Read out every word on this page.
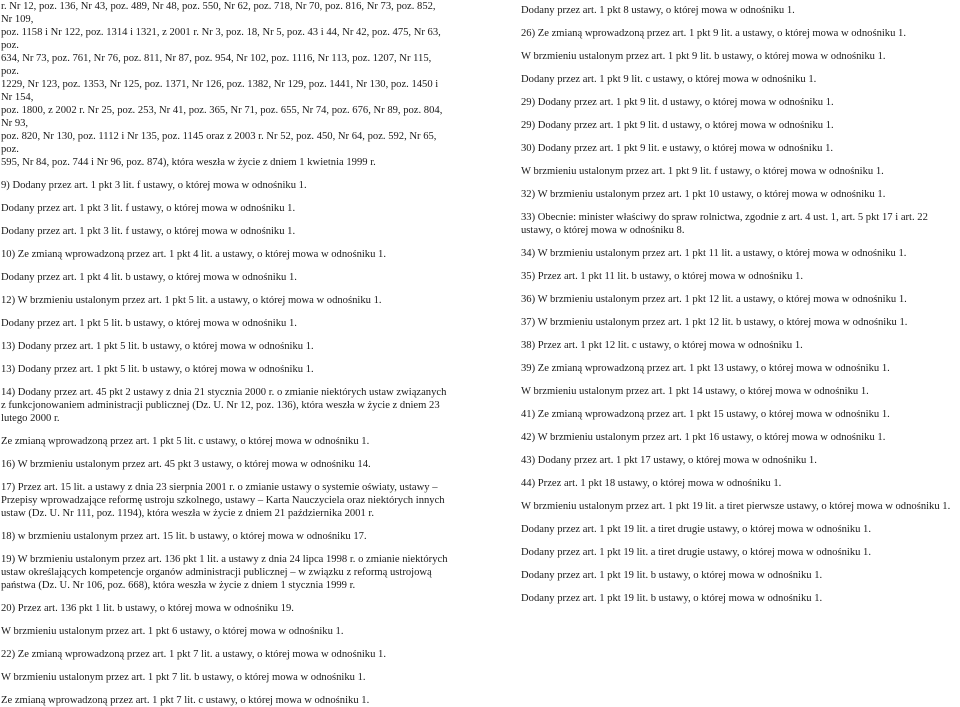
r. Nr 12, poz. 136, Nr 43, poz. 489, Nr 48, poz. 550, Nr 62, poz. 718, Nr 70, poz. 816, Nr 73, poz. 852, Nr 109,

poz. 1158 i Nr 122, poz. 1314 i 1321, z 2001 r. Nr 3, poz. 18, Nr 5, poz. 43 i 44, Nr 42, poz. 475, Nr 63, poz.

634, Nr 73, poz. 761, Nr 76, poz. 811, Nr 87, poz. 954, Nr 102, poz. 1116, Nr 113, poz. 1207, Nr 115, poz.

1229, Nr 123, poz. 1353, Nr 125, poz. 1371, Nr 126, poz. 1382, Nr 129, poz. 1441, Nr 130, poz. 1450 i Nr 154,

poz. 1800, z 2002 r. Nr 25, poz. 253, Nr 41, poz. 365, Nr 71, poz. 655, Nr 74, poz. 676, Nr 89, poz. 804, Nr 93,

poz. 820, Nr 130, poz. 1112 i Nr 135, poz. 1145 oraz z 2003 r. Nr 52, poz. 450, Nr 64, poz. 592, Nr 65, poz.

595, Nr 84, poz. 744 i Nr 96, poz. 874), która weszła w życie z dniem 1 kwietnia 1999 r.

9) Dodany przez art. 1 pkt 3 lit. f ustawy, o której mowa w odnośniku 1.

Dodany przez art. 1 pkt 3 lit. f ustawy, o której mowa w odnośniku 1.

Dodany przez art. 1 pkt 3 lit. f ustawy, o której mowa w odnośniku 1.

10) Ze zmianą wprowadzoną przez art. 1 pkt 4 lit. a ustawy, o której mowa w odnośniku 1.

Dodany przez art. 1 pkt 4 lit. b ustawy, o której mowa w odnośniku 1.

12) W brzmieniu ustalonym przez art. 1 pkt 5 lit. a ustawy, o której mowa w odnośniku 1.

Dodany przez art. 1 pkt 5 lit. b ustawy, o której mowa w odnośniku 1.

13) Dodany przez art. 1 pkt 5 lit. b ustawy, o której mowa w odnośniku 1.

13) Dodany przez art. 1 pkt 5 lit. b ustawy, o której mowa w odnośniku 1.

14) Dodany przez art. 45 pkt 2 ustawy z dnia 21 stycznia 2000 r. o zmianie niektórych ustaw związanych z funkcjonowaniem administracji publicznej (Dz. U. Nr 12, poz. 136), która weszła w życie z dniem 23 lutego 2000 r.

Ze zmianą wprowadzoną przez art. 1 pkt 5 lit. c ustawy, o której mowa w odnośniku 1.

16) W brzmieniu ustalonym przez art. 45 pkt 3 ustawy, o której mowa w odnośniku 14.

17) Przez art. 15 lit. a ustawy z dnia 23 sierpnia 2001 r. o zmianie ustawy o systemie oświaty, ustawy – Przepisy wprowadzające reformę ustroju szkolnego, ustawy – Karta Nauczyciela oraz niektórych innych ustaw (Dz. U. Nr 111, poz. 1194), która weszła w życie z dniem 21 października 2001 r.

18) w brzmieniu ustalonym przez art. 15 lit. b ustawy, o której mowa w odnośniku 17.

19) W brzmieniu ustalonym przez art. 136 pkt 1 lit. a ustawy z dnia 24 lipca 1998 r. o zmianie niektórych ustaw określających kompetencje organów administracji publicznej – w związku z reformą ustrojową państwa (Dz. U. Nr 106, poz. 668), która weszła w życie z dniem 1 stycznia 1999 r.

20) Przez art. 136 pkt 1 lit. b ustawy, o której mowa w odnośniku 19.

W brzmieniu ustalonym przez art. 1 pkt 6 ustawy, o której mowa w odnośniku 1.

22) Ze zmianą wprowadzoną przez art. 1 pkt 7 lit. a ustawy, o której mowa w odnośniku 1.

W brzmieniu ustalonym przez art. 1 pkt 7 lit. b ustawy, o której mowa w odnośniku 1.

Ze zmianą wprowadzoną przez art. 1 pkt 7 lit. c ustawy, o której mowa w odnośniku 1.

Dodany przez art. 1 pkt 8 ustawy, o której mowa w odnośniku 1.

26) Ze zmianą wprowadzoną przez art. 1 pkt 9 lit. a ustawy, o której mowa w odnośniku 1.

W brzmieniu ustalonym przez art. 1 pkt 9 lit. b ustawy, o której mowa w odnośniku 1.

Dodany przez art. 1 pkt 9 lit. c ustawy, o której mowa w odnośniku 1.

29) Dodany przez art. 1 pkt 9 lit. d ustawy, o której mowa w odnośniku 1.

29) Dodany przez art. 1 pkt 9 lit. d ustawy, o której mowa w odnośniku 1.

30) Dodany przez art. 1 pkt 9 lit. e ustawy, o której mowa w odnośniku 1.

W brzmieniu ustalonym przez art. 1 pkt 9 lit. f ustawy, o której mowa w odnośniku 1.

32) W brzmieniu ustalonym przez art. 1 pkt 10 ustawy, o której mowa w odnośniku 1.

33) Obecnie: minister właściwy do spraw rolnictwa, zgodnie z art. 4 ust. 1, art. 5 pkt 17 i art. 22 ustawy, o której mowa w odnośniku 8.

34) W brzmieniu ustalonym przez art. 1 pkt 11 lit. a ustawy, o której mowa w odnośniku 1.

35) Przez art. 1 pkt 11 lit. b ustawy, o której mowa w odnośniku 1.

36) W brzmieniu ustalonym przez art. 1 pkt 12 lit. a ustawy, o której mowa w odnośniku 1.

37) W brzmieniu ustalonym przez art. 1 pkt 12 lit. b ustawy, o której mowa w odnośniku 1.

38) Przez art. 1 pkt 12 lit. c ustawy, o której mowa w odnośniku 1.

39) Ze zmianą wprowadzoną przez art. 1 pkt 13 ustawy, o której mowa w odnośniku 1.

W brzmieniu ustalonym przez art. 1 pkt 14 ustawy, o której mowa w odnośniku 1.

41) Ze zmianą wprowadzoną przez art. 1 pkt 15 ustawy, o której mowa w odnośniku 1.

42) W brzmieniu ustalonym przez art. 1 pkt 16 ustawy, o której mowa w odnośniku 1.

43) Dodany przez art. 1 pkt 17 ustawy, o której mowa w odnośniku 1.

44) Przez art. 1 pkt 18 ustawy, o której mowa w odnośniku 1.

W brzmieniu ustalonym przez art. 1 pkt 19 lit. a tiret pierwsze ustawy, o której mowa w odnośniku 1.

Dodany przez art. 1 pkt 19 lit. a tiret drugie ustawy, o której mowa w odnośniku 1.

Dodany przez art. 1 pkt 19 lit. a tiret drugie ustawy, o której mowa w odnośniku 1.

Dodany przez art. 1 pkt 19 lit. b ustawy, o której mowa w odnośniku 1.

Dodany przez art. 1 pkt 19 lit. b ustawy, o której mowa w odnośniku 1.
